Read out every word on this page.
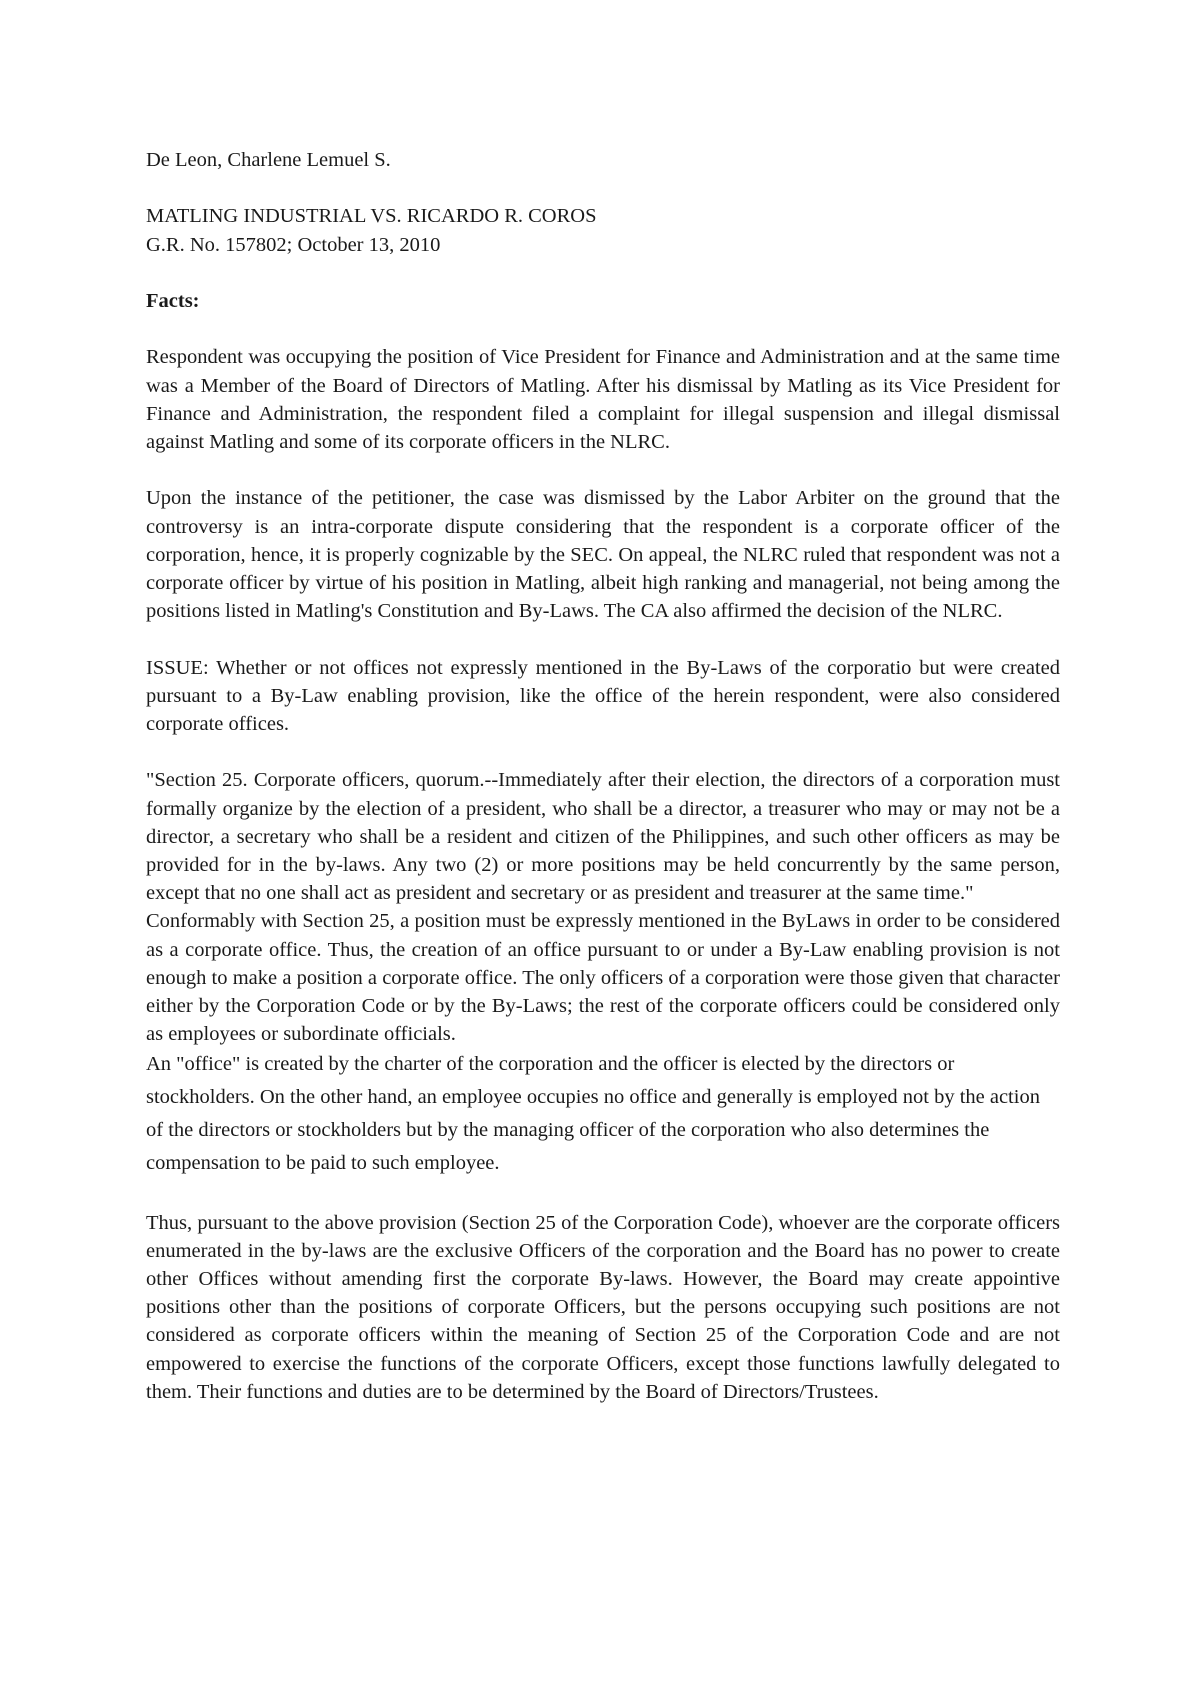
De Leon, Charlene Lemuel S.

MATLING INDUSTRIAL VS. RICARDO R. COROS

G.R. No. 157802; October 13, 2010

Facts:

Respondent was occupying the position of Vice President for Finance and Administration and at the same time was a Member of the Board of Directors of Matling. After his dismissal by Matling as its Vice President for Finance and Administration, the respondent filed a complaint for illegal suspension and illegal dismissal against Matling and some of its corporate officers in the NLRC.

Upon the instance of the petitioner, the case was dismissed by the Labor Arbiter on the ground that the controversy is an intra-corporate dispute considering that the respondent is a corporate officer of the corporation, hence, it is properly cognizable by the SEC. On appeal, the NLRC ruled that respondent was not a corporate officer by virtue of his position in Matling, albeit high ranking and managerial, not being among the positions listed in Matling's Constitution and By-Laws. The CA also affirmed the decision of the NLRC.

ISSUE: Whether or not offices not expressly mentioned in the By-Laws of the corporatio but were created pursuant to a By-Law enabling provision, like the office of the herein respondent, were also considered corporate offices.

"Section 25. Corporate officers, quorum.--Immediately after their election, the directors of a corporation must formally organize by the election of a president, who shall be a director, a treasurer who may or may not be a director, a secretary who shall be a resident and citizen of the Philippines, and such other officers as may be provided for in the by-laws. Any two (2) or more positions may be held concurrently by the same person, except that no one shall act as president and secretary or as president and treasurer at the same time."

Conformably with Section 25, a position must be expressly mentioned in the ByLaws in order to be considered as a corporate office. Thus, the creation of an office pursuant to or under a By-Law enabling provision is not enough to make a position a corporate office. The only officers of a corporation were those given that character either by the Corporation Code or by the By-Laws; the rest of the corporate officers could be considered only as employees or subordinate officials.

An "office" is created by the charter of the corporation and the officer is elected by the directors or stockholders. On the other hand, an employee occupies no office and generally is employed not by the action of the directors or stockholders but by the managing officer of the corporation who also determines the compensation to be paid to such employee.

Thus, pursuant to the above provision (Section 25 of the Corporation Code), whoever are the corporate officers enumerated in the by-laws are the exclusive Officers of the corporation and the Board has no power to create other Offices without amending first the corporate By-laws. However, the Board may create appointive positions other than the positions of corporate Officers, but the persons occupying such positions are not considered as corporate officers within the meaning of Section 25 of the Corporation Code and are not empowered to exercise the functions of the corporate Officers, except those functions lawfully delegated to them. Their functions and duties are to be determined by the Board of Directors/Trustees.
